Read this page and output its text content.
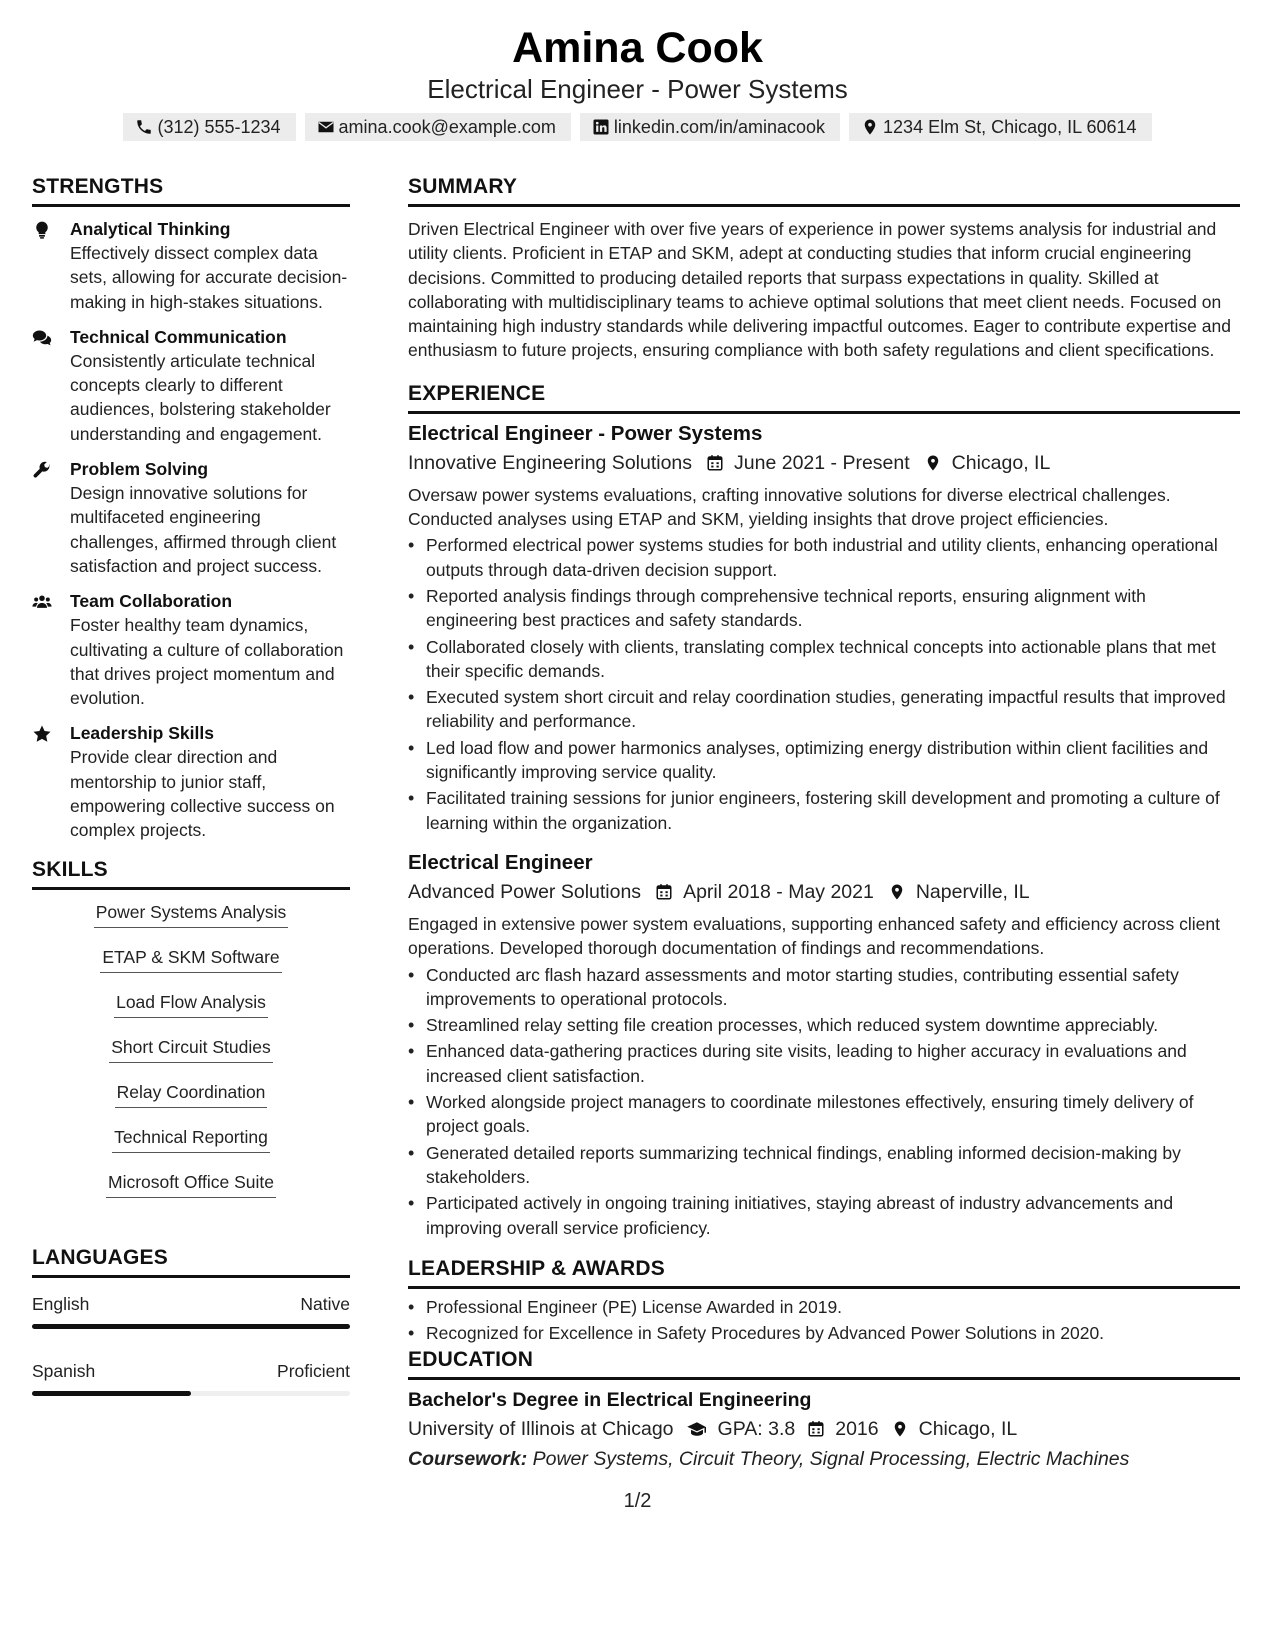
Amina Cook
Electrical Engineer - Power Systems
(312) 555-1234	amina.cook@example.com	linkedin.com/in/aminacook	1234 Elm St, Chicago, IL 60614
STRENGTHS
Analytical Thinking
Effectively dissect complex data sets, allowing for accurate decision-making in high-stakes situations.
Technical Communication
Consistently articulate technical concepts clearly to different audiences, bolstering stakeholder understanding and engagement.
Problem Solving
Design innovative solutions for multifaceted engineering challenges, affirmed through client satisfaction and project success.
Team Collaboration
Foster healthy team dynamics, cultivating a culture of collaboration that drives project momentum and evolution.
Leadership Skills
Provide clear direction and mentorship to junior staff, empowering collective success on complex projects.
SKILLS
Power Systems Analysis
ETAP & SKM Software
Load Flow Analysis
Short Circuit Studies
Relay Coordination
Technical Reporting
Microsoft Office Suite
LANGUAGES
English	Native
Spanish	Proficient
SUMMARY
Driven Electrical Engineer with over five years of experience in power systems analysis for industrial and utility clients. Proficient in ETAP and SKM, adept at conducting studies that inform crucial engineering decisions. Committed to producing detailed reports that surpass expectations in quality. Skilled at collaborating with multidisciplinary teams to achieve optimal solutions that meet client needs. Focused on maintaining high industry standards while delivering impactful outcomes. Eager to contribute expertise and enthusiasm to future projects, ensuring compliance with both safety regulations and client specifications.
EXPERIENCE
Electrical Engineer - Power Systems
Innovative Engineering Solutions June 2021 - Present Chicago, IL
Oversaw power systems evaluations, crafting innovative solutions for diverse electrical challenges. Conducted analyses using ETAP and SKM, yielding insights that drove project efficiencies.
• Performed electrical power systems studies for both industrial and utility clients, enhancing operational outputs through data-driven decision support.
• Reported analysis findings through comprehensive technical reports, ensuring alignment with engineering best practices and safety standards.
• Collaborated closely with clients, translating complex technical concepts into actionable plans that met their specific demands.
• Executed system short circuit and relay coordination studies, generating impactful results that improved reliability and performance.
• Led load flow and power harmonics analyses, optimizing energy distribution within client facilities and significantly improving service quality.
• Facilitated training sessions for junior engineers, fostering skill development and promoting a culture of learning within the organization.
Electrical Engineer
Advanced Power Solutions April 2018 - May 2021 Naperville, IL
Engaged in extensive power system evaluations, supporting enhanced safety and efficiency across client operations. Developed thorough documentation of findings and recommendations.
• Conducted arc flash hazard assessments and motor starting studies, contributing essential safety improvements to operational protocols.
• Streamlined relay setting file creation processes, which reduced system downtime appreciably.
• Enhanced data-gathering practices during site visits, leading to higher accuracy in evaluations and increased client satisfaction.
• Worked alongside project managers to coordinate milestones effectively, ensuring timely delivery of project goals.
• Generated detailed reports summarizing technical findings, enabling informed decision-making by stakeholders.
• Participated actively in ongoing training initiatives, staying abreast of industry advancements and improving overall service proficiency.
LEADERSHIP & AWARDS
• Professional Engineer (PE) License Awarded in 2019.
• Recognized for Excellence in Safety Procedures by Advanced Power Solutions in 2020.
EDUCATION
Bachelor's Degree in Electrical Engineering
University of Illinois at Chicago GPA: 3.8 2016 Chicago, IL
Coursework: Power Systems, Circuit Theory, Signal Processing, Electric Machines
1/2
